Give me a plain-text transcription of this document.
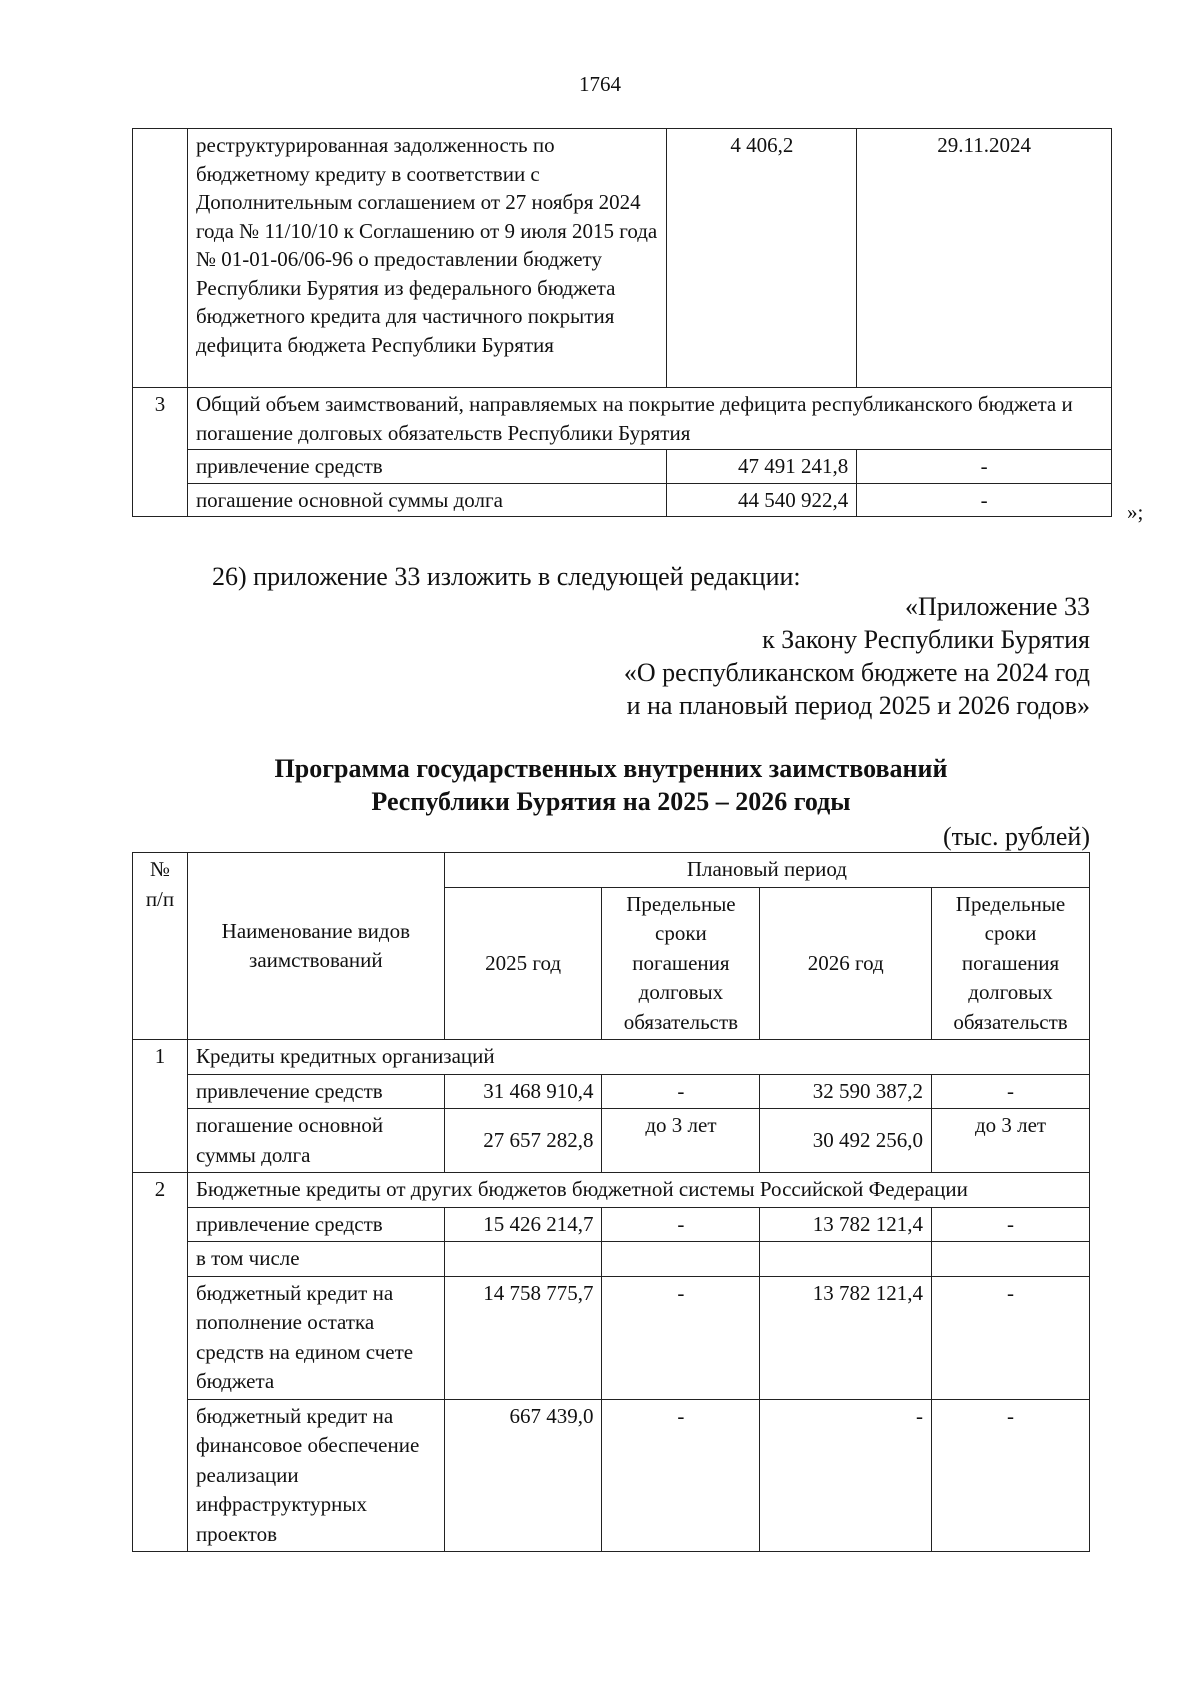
1764
	реструктурированная задолженность по бюджетному кредиту в соответствии с Дополнительным соглашением от 27 ноября 2024 года № 11/10/10 к Соглашению от 9 июля 2015 года № 01-01-06/06-96 о предоставлении бюджету Республики Бурятия из федерального бюджета бюджетного кредита для частичного покрытия дефицита бюджета Республики Бурятия	4 406,2	29.11.2024
3	Общий объем заимствований, направляемых на покрытие дефицита республиканского бюджета и погашение долговых обязательств Республики Бурятия		
	привлечение средств	47 491 241,8	-
	погашение основной суммы долга	44 540 922,4	-
»;
26) приложение 33 изложить в следующей редакции:
«Приложение 33
к Закону Республики Бурятия
«О республиканском бюджете на 2024 год
и на плановый период 2025 и 2026 годов»
Программа государственных внутренних заимствований
Республики Бурятия на 2025 – 2026 годы
(тыс. рублей)
№ п/п	Наименование видов заимствований	Плановый период			
		2025 год	Предельные сроки погашения долговых обязательств	2026 год	Предельные сроки погашения долговых обязательств
1	Кредиты кредитных организаций				
	привлечение средств	31 468 910,4	-	32 590 387,2	-
	погашение основной суммы долга	27 657 282,8	до 3 лет	30 492 256,0	до 3 лет
2	Бюджетные кредиты от других бюджетов бюджетной системы Российской Федерации				
	привлечение средств	15 426 214,7	-	13 782 121,4	-
	в том числе				
	бюджетный кредит на пополнение остатка средств на едином счете бюджета	14 758 775,7	-	13 782 121,4	-
	бюджетный кредит на финансовое обеспечение реализации инфраструктурных проектов	667 439,0	-	-	-
